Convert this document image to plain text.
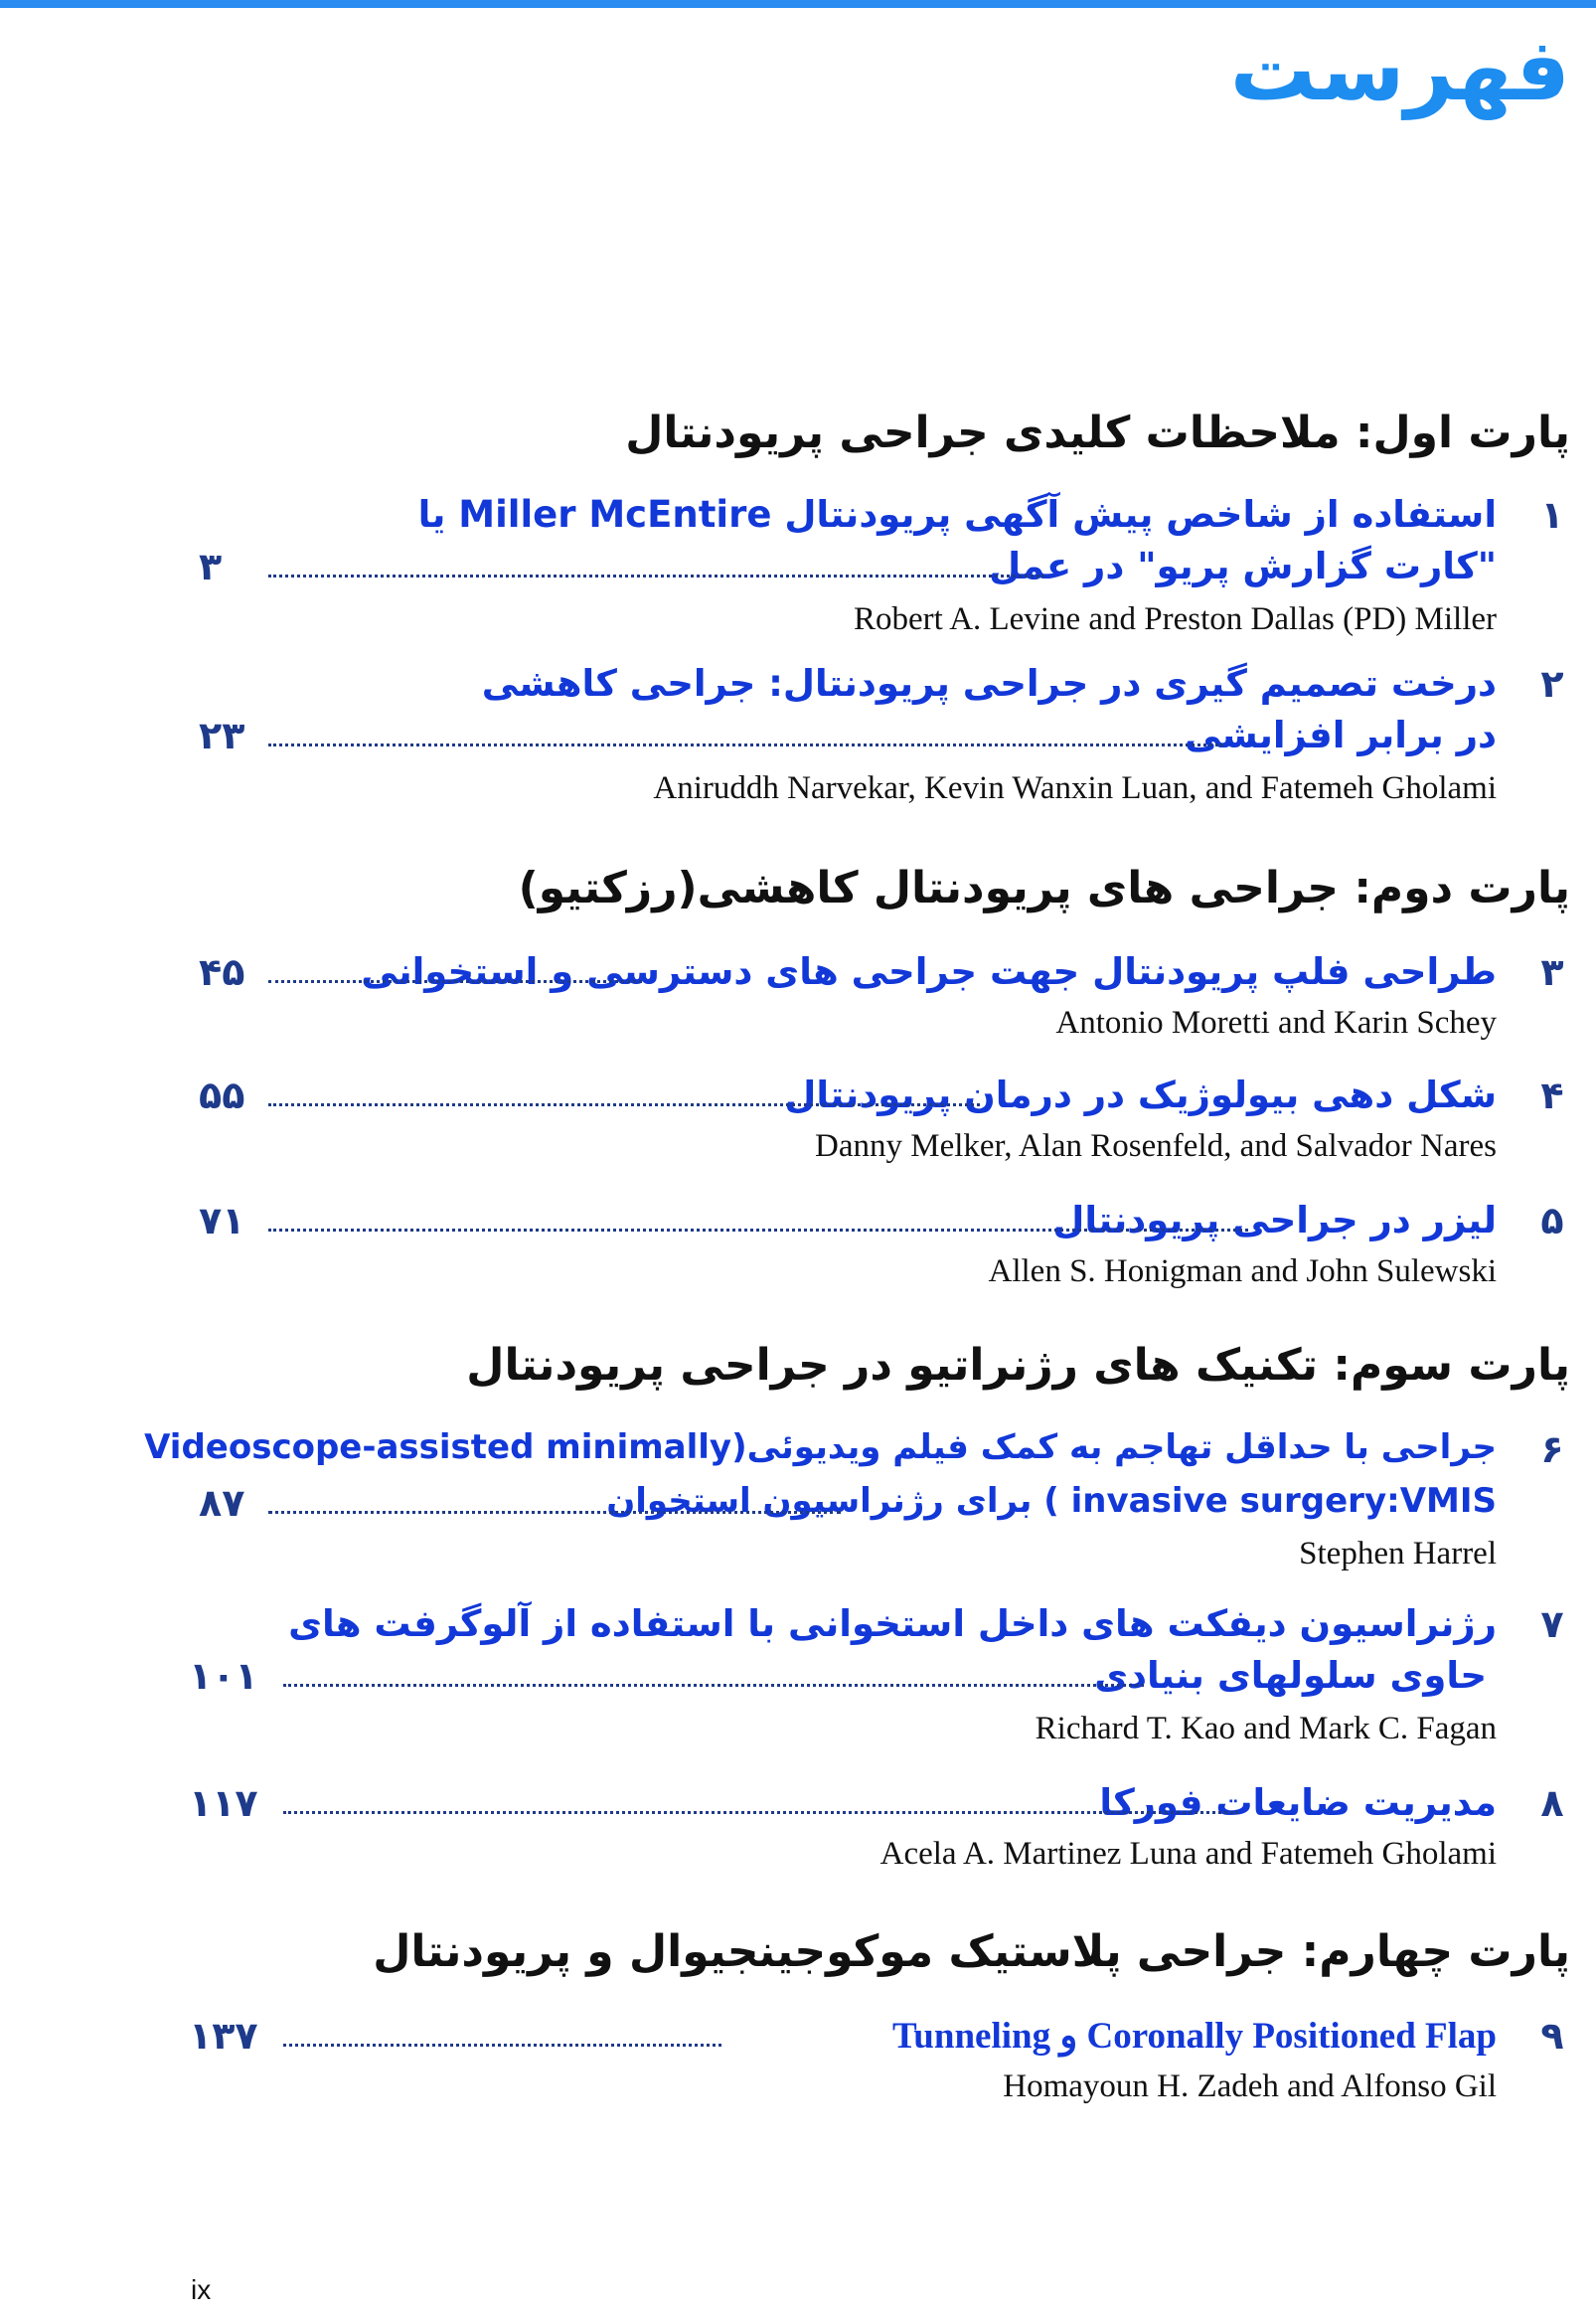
فهرست
پارت اول: ملاحظات کلیدی جراحی پریودنتال
۱
استفاده از شاخص پیش آگهی پریودنتال Miller McEntire یا
"کارت گزارش پریو" در عمل
۳
Robert A. Levine and Preston Dallas (PD) Miller
۲
درخت تصمیم گیری در جراحی پریودنتال: جراحی کاهشی
در برابر افزایشی
۲۳
Aniruddh Narvekar, Kevin Wanxin Luan, and Fatemeh Gholami
پارت دوم: جراحی های پریودنتال کاهشی(رزکتیو)
۳
طراحی فلپ پریودنتال جهت جراحی های دسترسی و استخوانی
۴۵
Antonio Moretti and Karin Schey
۴
شکل دهی بیولوژیک در درمان پریودنتال
۵۵
Danny Melker, Alan Rosenfeld, and Salvador Nares
۵
لیزر در جراحی پریودنتال
۷۱
Allen S. Honigman and John Sulewski
پارت سوم: تکنیک های رژنراتیو در جراحی پریودنتال
۶
جراحی با حداقل تهاجم به کمک فیلم ویدیوئی(Videoscope-assisted minimally
invasive surgery:VMIS ) برای رژنراسیون استخوان
۸۷
Stephen Harrel
۷
رژنراسیون دیفکت های داخل استخوانی با استفاده از آلوگرفت های
حاوی سلولهای بنیادی
۱۰۱
Richard T. Kao and Mark C. Fagan
۸
مدیریت ضایعات فورکا
۱۱۷
Acela A. Martinez Luna and Fatemeh Gholami
پارت چهارم: جراحی پلاستیک موکوجینجیوال و پریودنتال
۹
Tunneling و Coronally Positioned Flap
۱۳۷
Homayoun H. Zadeh and Alfonso Gil
ix
